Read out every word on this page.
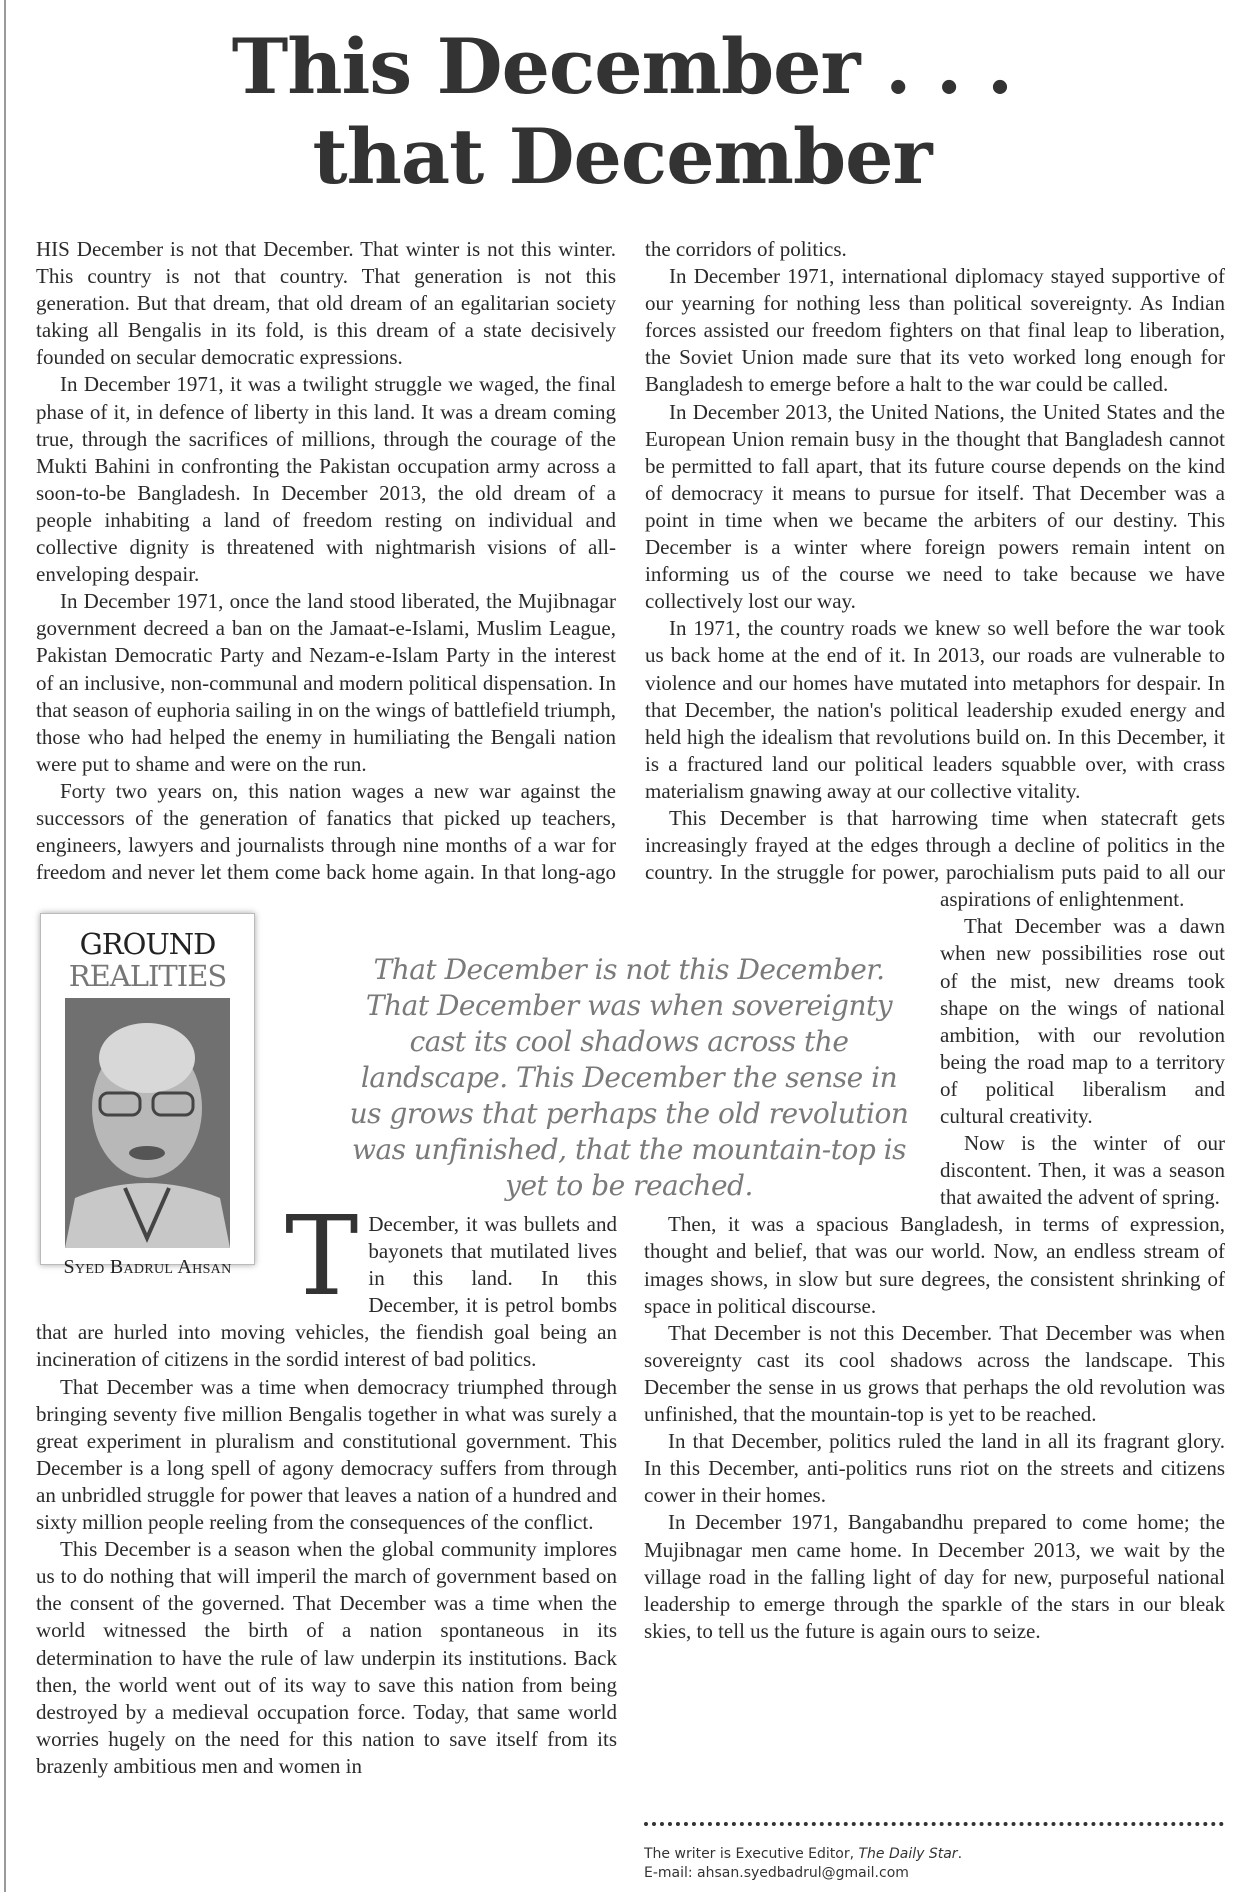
This December . . .
that December
GROUND
REALITIES
Syed Badrul Ahsan T
HIS December is not that December. That winter is not this winter. This country is not that country. That generation is not this generation. But that dream, that old dream of an egalitarian society taking all Bengalis in its fold, is this dream of a state decisively founded on secular democratic expressions.

In December 1971, it was a twilight struggle we waged, the final phase of it, in defence of liberty in this land. It was a dream coming true, through the sacrifices of millions, through the courage of the Mukti Bahini in confronting the Pakistan occupation army across a soon-to-be Bangladesh. In December 2013, the old dream of a people inhabiting a land of freedom resting on individual and collective dignity is threatened with nightmarish visions of all-enveloping despair.

In December 1971, once the land stood liberated, the Mujibnagar government decreed a ban on the Jamaat-e-Islami, Muslim League, Pakistan Democratic Party and Nezam-e-Islam Party in the interest of an inclusive, non-communal and modern political dispensation. In that season of euphoria sailing in on the wings of battlefield triumph, those who had helped the enemy in humiliating the Bengali nation were put to shame and were on the run.

Forty two years on, this nation wages a new war against the successors of the generation of fanatics that picked up teachers, engineers, lawyers and journalists through nine months of a war for freedom and never let them come back home again. In that long-ago December, it was bullets and bayonets that mutilated lives in this land. In this December, it is petrol bombs that are hurled into moving vehicles, the fiendish goal being an incineration of citizens in the sordid interest of bad politics.

That December was a time when democracy triumphed through bringing seventy five million Bengalis together in what was surely a great experiment in pluralism and constitutional government. This December is a long spell of agony democracy suffers from through an unbridled struggle for power that leaves a nation of a hundred and sixty million people reeling from the consequences of the conflict.

This December is a season when the global community implores us to do nothing that will imperil the march of government based on the consent of the governed. That December was a time when the world witnessed the birth of a nation spontaneous in its determination to have the rule of law underpin its institutions. Back then, the world went out of its way to save this nation from being destroyed by a medieval occupation force. Today, that same world worries hugely on the need for this nation to save itself from its brazenly ambitious men and women in

the corridors of politics.

In December 1971, international diplomacy stayed supportive of our yearning for nothing less than political sovereignty. As Indian forces assisted our freedom fighters on that final leap to liberation, the Soviet Union made sure that its veto worked long enough for Bangladesh to emerge before a halt to the war could be called.

In December 2013, the United Nations, the United States and the European Union remain busy in the thought that Bangladesh cannot be permitted to fall apart, that its future course depends on the kind of democracy it means to pursue for itself. That December was a point in time when we became the arbiters of our destiny. This December is a winter where foreign powers remain intent on informing us of the course we need to take because we have collectively lost our way.

In 1971, the country roads we knew so well before the war took us back home at the end of it. In 2013, our roads are vulnerable to violence and our homes have mutated into metaphors for despair. In that December, the nation's political leadership exuded energy and held high the idealism that revolutions build on. In this December, it is a fractured land our political leaders squabble over, with crass materialism gnawing away at our collective vitality.

This December is that harrowing time when statecraft gets increasingly frayed at the edges through a decline of politics in the country. In the struggle for power, parochialism puts paid to all our aspirations of enlightenment.

That December was a dawn when new possibilities rose out of the mist, new dreams took shape on the wings of national ambition, with our revolution being the road map to a territory of political liberalism and cultural creativity.

Now is the winter of our discontent. Then, it was a season that awaited the advent of spring.

Then, it was a spacious Bangladesh, in terms of expression, thought and belief, that was our world. Now, an endless stream of images shows, in slow but sure degrees, the consistent shrinking of space in political discourse.

That December is not this December. That December was when sovereignty cast its cool shadows across the landscape. This December the sense in us grows that perhaps the old revolution was unfinished, that the mountain-top is yet to be reached.

In that December, politics ruled the land in all its fragrant glory. In this December, anti-politics runs riot on the streets and citizens cower in their homes.

In December 1971, Bangabandhu prepared to come home; the Mujibnagar men came home. In December 2013, we wait by the village road in the falling light of day for new, purposeful national leadership to emerge through the sparkle of the stars in our bleak skies, to tell us the future is again ours to seize.

That December is not this December. That December was when sovereignty cast its cool shadows across the landscape. This December the sense in us grows that perhaps the old revolution was unfinished, that the mountain-top is yet to be reached.
The writer is Executive Editor, The Daily Star.
E-mail: ahsan.syedbadrul@gmail.com
